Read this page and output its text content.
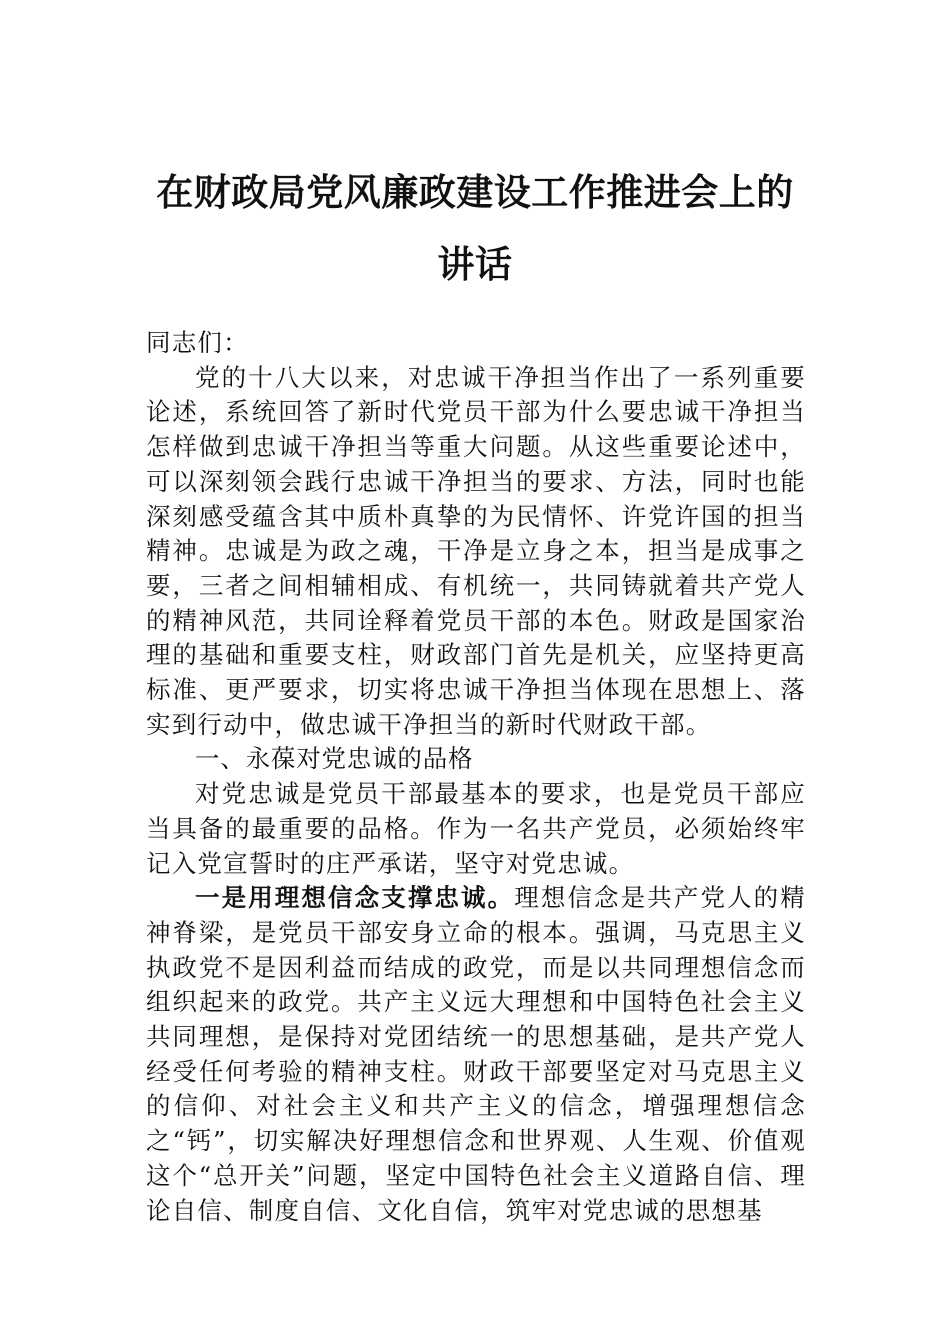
在财政局党风廉政建设工作推进会上的讲话

同志们：

党的十八大以来，对忠诚干净担当作出了一系列重要论述，系统回答了新时代党员干部为什么要忠诚干净担当怎样做到忠诚干净担当等重大问题。从这些重要论述中，可以深刻领会践行忠诚干净担当的要求、方法，同时也能深刻感受蕴含其中质朴真挚的为民情怀、许党许国的担当精神。忠诚是为政之魂，干净是立身之本，担当是成事之要，三者之间相辅相成、有机统一，共同铸就着共产党人的精神风范，共同诠释着党员干部的本色。财政是国家治理的基础和重要支柱，财政部门首先是机关，应坚持更高标准、更严要求，切实将忠诚干净担当体现在思想上、落实到行动中，做忠诚干净担当的新时代财政干部。

一、永葆对党忠诚的品格

对党忠诚是党员干部最基本的要求，也是党员干部应当具备的最重要的品格。作为一名共产党员，必须始终牢记入党宣誓时的庄严承诺，坚守对党忠诚。

一是用理想信念支撑忠诚。理想信念是共产党人的精神脊梁，是党员干部安身立命的根本。强调，马克思主义执政党不是因利益而结成的政党，而是以共同理想信念而组织起来的政党。共产主义远大理想和中国特色社会主义共同理想，是保持对党团结统一的思想基础，是共产党人经受任何考验的精神支柱。财政干部要坚定对马克思主义的信仰、对社会主义和共产主义的信念，增强理想信念之“钙”，切实解决好理想信念和世界观、人生观、价值观这个“总开关”问题，坚定中国特色社会主义道路自信、理论自信、制度自信、文化自信，筑牢对党忠诚的思想基
